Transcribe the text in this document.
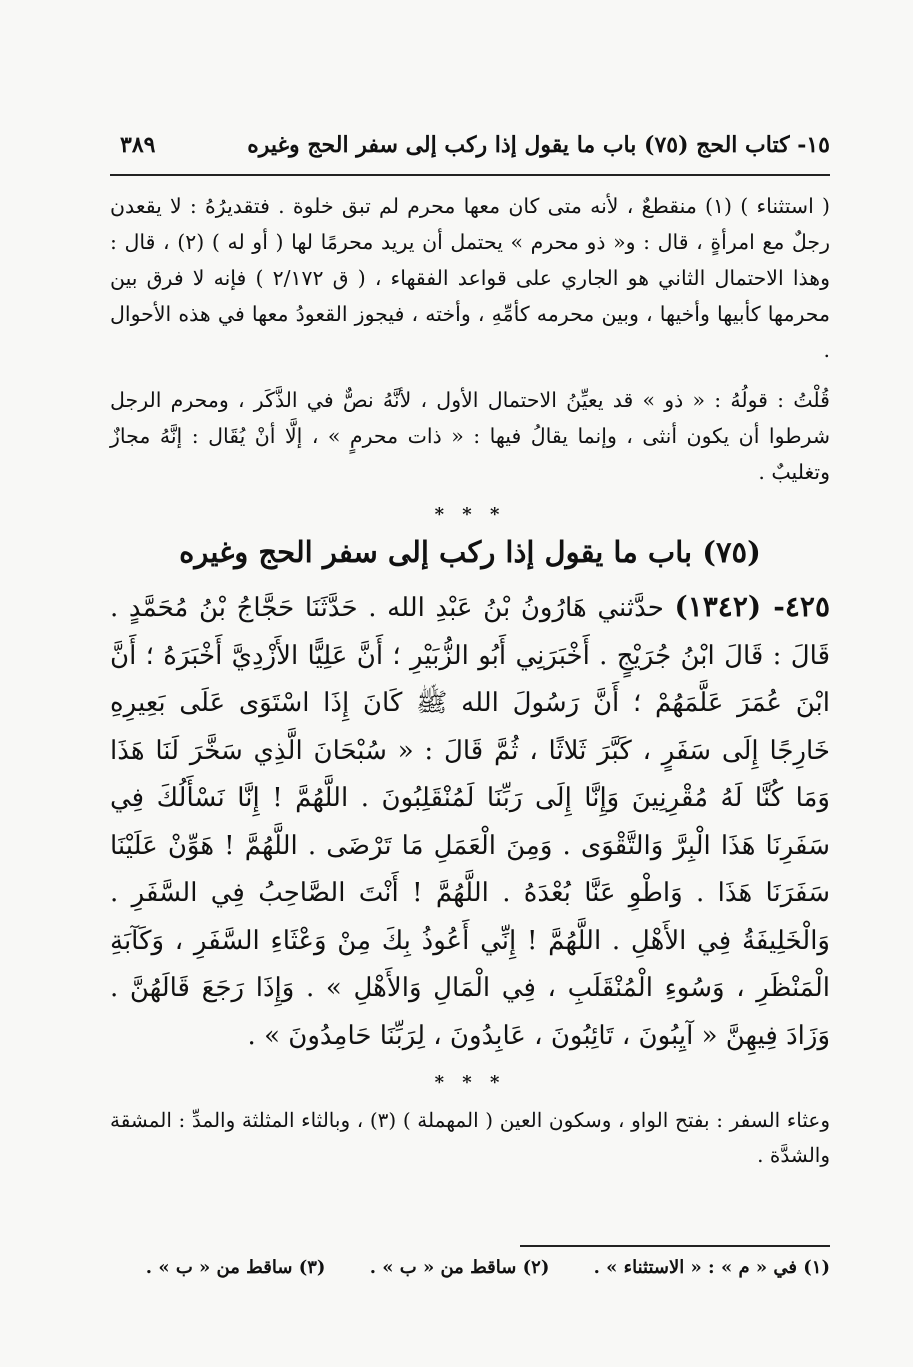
١٥- كتاب الحج (٧٥) باب ما يقول إذا ركب إلى سفر الحج وغيره
٣٨٩

( استثناء ) (١) منقطعٌ ، لأنه متى كان معها محرم لم تبق خلوة . فتقديرُهُ : لا يقعدن رجلٌ مع امرأةٍ ، قال : و« ذو محرم » يحتمل أن يريد محرمًا لها ( أو له ) (٢) ، قال : وهذا الاحتمال الثاني هو الجاري على قواعد الفقهاء ، ( ق ٢/١٧٢ ) فإنه لا فرق بين محرمها كأبيها وأخيها ، وبين محرمه كأمِّهِ ، وأخته ، فيجوز القعودُ معها في هذه الأحوال .

قُلْتُ : قولُهُ : « ذو » قد يعيِّنُ الاحتمال الأول ، لأنَّهُ نصٌّ في الذَّكَر ، ومحرم الرجل شرطوا أن يكون أنثى ، وإنما يقالُ فيها : « ذات محرمٍ » ، إلَّا أنْ يُقَال : إنَّهُ مجازٌ وتغليبٌ .

* * *
(٧٥) باب ما يقول إذا ركب إلى سفر الحج وغيره
٤٢٥- (١٣٤٢) حدَّثني هَارُونُ بْنُ عَبْدِ الله . حَدَّثَنَا حَجَّاجُ بْنُ مُحَمَّدٍ . قَالَ : قَالَ ابْنُ جُرَيْجٍ . أَخْبَرَنِي أَبُو الزُّبَيْرِ ؛ أَنَّ عَلِيًّا الأَزْدِيَّ أَخْبَرَهُ ؛ أَنَّ ابْنَ عُمَرَ عَلَّمَهُمْ ؛ أَنَّ رَسُولَ الله ﷺ كَانَ إِذَا اسْتَوَى عَلَى بَعِيرِهِ خَارِجًا إِلَى سَفَرٍ ، كَبَّرَ ثَلاثًا ، ثُمَّ قَالَ : « سُبْحَانَ الَّذِي سَخَّرَ لَنَا هَذَا وَمَا كُنَّا لَهُ مُقْرِنِينَ وَإِنَّا إِلَى رَبِّنَا لَمُنْقَلِبُونَ . اللَّهُمَّ ! إِنَّا نَسْأَلُكَ فِي سَفَرِنَا هَذَا الْبِرَّ وَالتَّقْوَى . وَمِنَ الْعَمَلِ مَا تَرْضَى . اللَّهُمَّ ! هَوِّنْ عَلَيْنَا سَفَرَنَا هَذَا . وَاطْوِ عَنَّا بُعْدَهُ . اللَّهُمَّ ! أَنْتَ الصَّاحِبُ فِي السَّفَرِ . وَالْخَلِيفَةُ فِي الأَهْلِ . اللَّهُمَّ ! إِنِّي أَعُوذُ بِكَ مِنْ وَعْثَاءِ السَّفَرِ ، وَكَآبَةِ الْمَنْظَرِ ، وَسُوءِ الْمُنْقَلَبِ ، فِي الْمَالِ وَالأَهْلِ » . وَإِذَا رَجَعَ قَالَهُنَّ . وَزَادَ فِيهِنَّ « آيِبُونَ ، تَائِبُونَ ، عَابِدُونَ ، لِرَبِّنَا حَامِدُونَ » .
* * *
وعثاء السفر : بفتح الواو ، وسكون العين ( المهملة ) (٣) ، وبالثاء المثلثة والمدِّ : المشقة والشدَّة .
(١) في « م » : « الاستثناء » . (٢) ساقط من « ب » . (٣) ساقط من « ب » .
